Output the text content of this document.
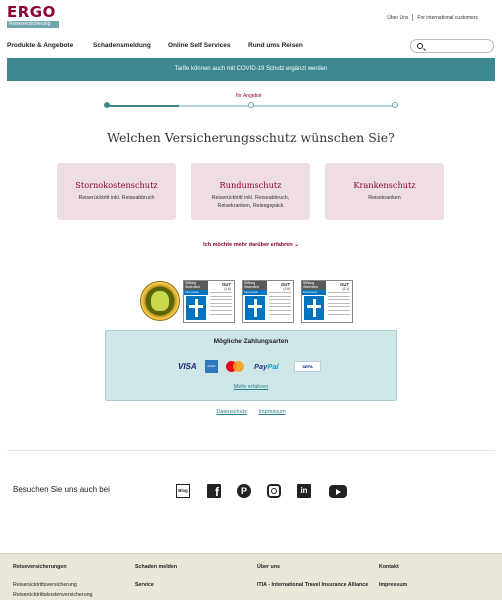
ERGO
Reiseversicherung
Über Uns For international customers
Produkte & Angebote	Schadensmeldung	Online Self Services	Rund ums Reisen
Tarife können auch mit COVID-19 Schutz ergänzt werden
Ihr Angebot
Welchen Versicherungsschutz wünschen Sie?
Stornokostenschutz
Reiserücktritt inkl. Reiseabbruch
Rundumschutz
Reiserücktritt inkl. Reiseabbruch, Reisekranken, Reisegepäck
Krankenschutz
Reisekranken
Ich möchte mehr darüber erfahren ⌄
Stiftung Warentest	GUT
(1,6)
Finanztest
Stiftung Warentest	GUT
(1,6)
Finanztest
Stiftung Warentest	GUT
(2,1)
Finanztest
Mögliche Zahlungsarten
VISA	AMEX	PayPal	SEPA
Mehr erfahren
Datenschutz Impressum
Besuchen Sie uns auch bei	Blog f	P	in
Reiseversicherungen
Reiserücktrittsversicherung
Reiserücktrittskostenversicherung
Schaden melden
Service
Über uns
ITIA - International Travel Insurance Alliance
Kontakt
Impressum
